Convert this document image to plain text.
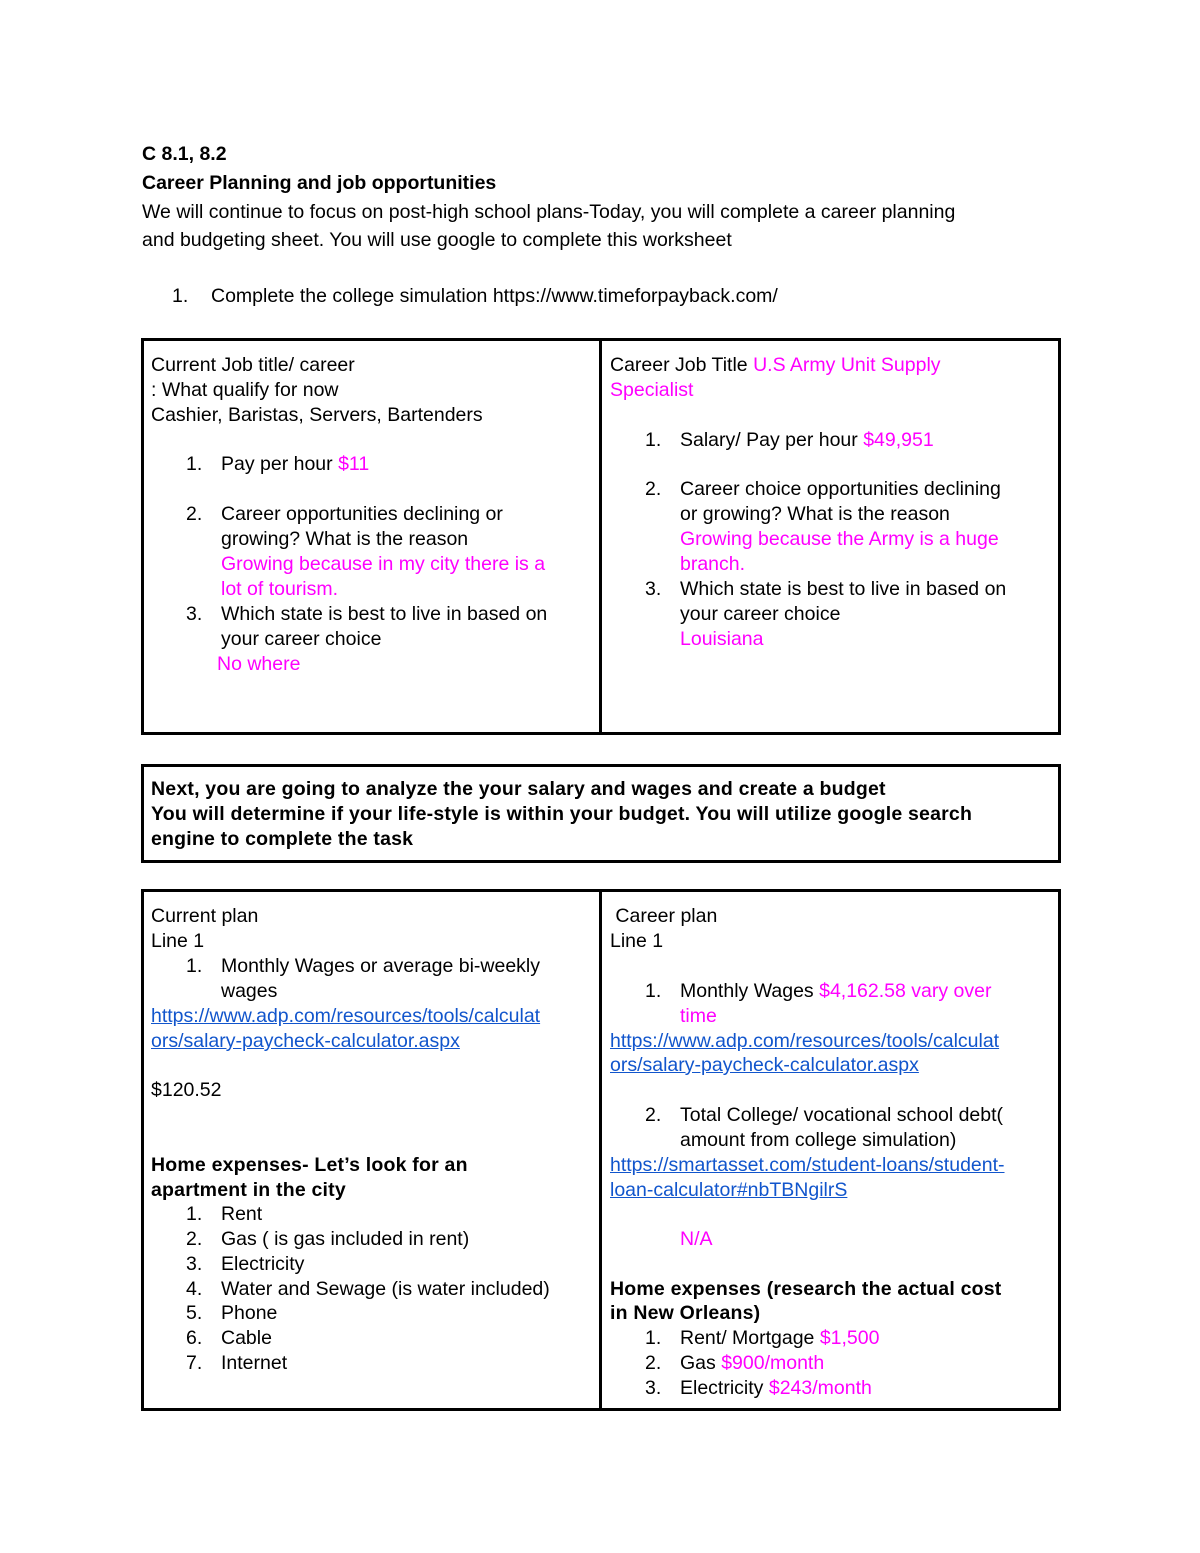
C 8.1, 8.2
Career Planning and job opportunities
We will continue to focus on post-high school plans-Today, you will complete a career planning
and budgeting sheet. You will use google to complete this worksheet
1. Complete the college simulation https://www.timeforpayback.com/
Current Job title/ career
: What qualify for now
Cashier, Baristas, Servers, Bartenders
1. Pay per hour $11
2. Career opportunities declining or
growing? What is the reason
Growing because in my city there is a
lot of tourism.
3. Which state is best to live in based on
your career choice
No where
Career Job Title U.S Army Unit Supply
Specialist
1. Salary/ Pay per hour $49,951
2. Career choice opportunities declining
or growing? What is the reason
Growing because the Army is a huge
branch.
3. Which state is best to live in based on
your career choice
Louisiana
Next, you are going to analyze the your salary and wages and create a budget
You will determine if your life-style is within your budget. You will utilize google search
engine to complete the task
Current plan
Line 1
1. Monthly Wages or average bi-weekly
wages
https://www.adp.com/resources/tools/calculat
ors/salary-paycheck-calculator.aspx
$120.52
Home expenses- Let’s look for an
apartment in the city
1. Rent
2. Gas ( is gas included in rent)
3. Electricity
4. Water and Sewage (is water included)
5. Phone
6. Cable
7. Internet
Career plan
Line 1
1. Monthly Wages $4,162.58 vary over
time
https://www.adp.com/resources/tools/calculat
ors/salary-paycheck-calculator.aspx
2. Total College/ vocational school debt(
amount from college simulation)
https://smartasset.com/student-loans/student-
loan-calculator#nbTBNgilrS
N/A
Home expenses (research the actual cost
in New Orleans)
1. Rent/ Mortgage $1,500
2. Gas $900/month
3. Electricity $243/month
